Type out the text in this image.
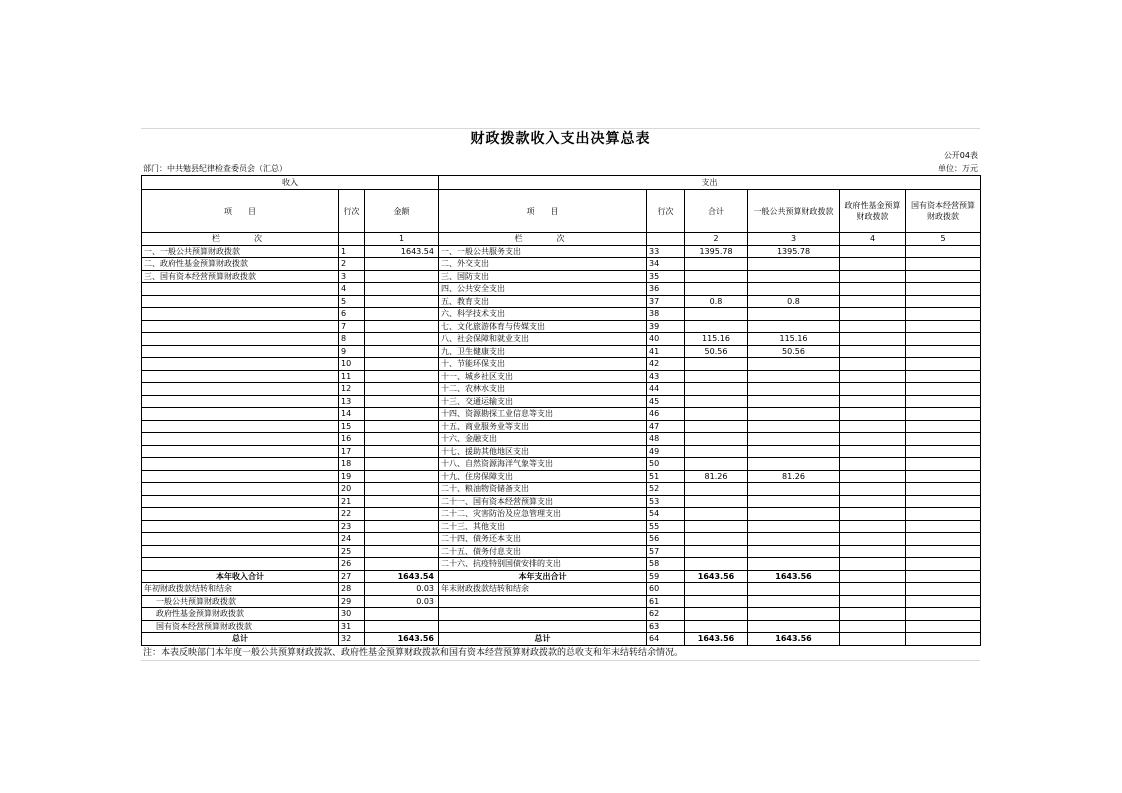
财政拨款收入支出决算总表
公开04表
部门：中共勉县纪律检查委员会（汇总）	单位：万元
收入			支出					
项　　目	行次	金额	项　　目	行次	合计	一般公共预算财政拨款	政府性基金预算财政拨款	国有资本经营预算财政拨款
栏　　次		1	栏　　次		2	3	4	5
一、一般公共预算财政拨款	1	1643.54	一、一般公共服务支出	33	1395.78	1395.78		
二、政府性基金预算财政拨款	2		二、外交支出	34				
三、国有资本经营预算财政拨款	3		三、国防支出	35				
	4		四、公共安全支出	36				
	5		五、教育支出	37	0.8	0.8		
	6		六、科学技术支出	38				
	7		七、文化旅游体育与传媒支出	39				
	8		八、社会保障和就业支出	40	115.16	115.16		
	9		九、卫生健康支出	41	50.56	50.56		
	10		十、节能环保支出	42				
	11		十一、城乡社区支出	43				
	12		十二、农林水支出	44				
	13		十三、交通运输支出	45				
	14		十四、资源勘探工业信息等支出	46				
	15		十五、商业服务业等支出	47				
	16		十六、金融支出	48				
	17		十七、援助其他地区支出	49				
	18		十八、自然资源海洋气象等支出	50				
	19		十九、住房保障支出	51	81.26	81.26		
	20		二十、粮油物资储备支出	52				
	21		二十一、国有资本经营预算支出	53				
	22		二十二、灾害防治及应急管理支出	54				
	23		二十三、其他支出	55				
	24		二十四、债务还本支出	56				
	25		二十五、债务付息支出	57				
	26		二十六、抗疫特别国债安排的支出	58				
本年收入合计	27	1643.54	本年支出合计	59	1643.56	1643.56		
年初财政拨款结转和结余	28	0.03	年末财政拨款结转和结余	60				
一般公共预算财政拨款	29	0.03		61				
政府性基金预算财政拨款	30			62				
国有资本经营预算财政拨款	31			63				
总计	32	1643.56	总计	64	1643.56	1643.56		
注：本表反映部门本年度一般公共预算财政拨款、政府性基金预算财政拨款和国有资本经营预算财政拨款的总收支和年末结转结余情况。
